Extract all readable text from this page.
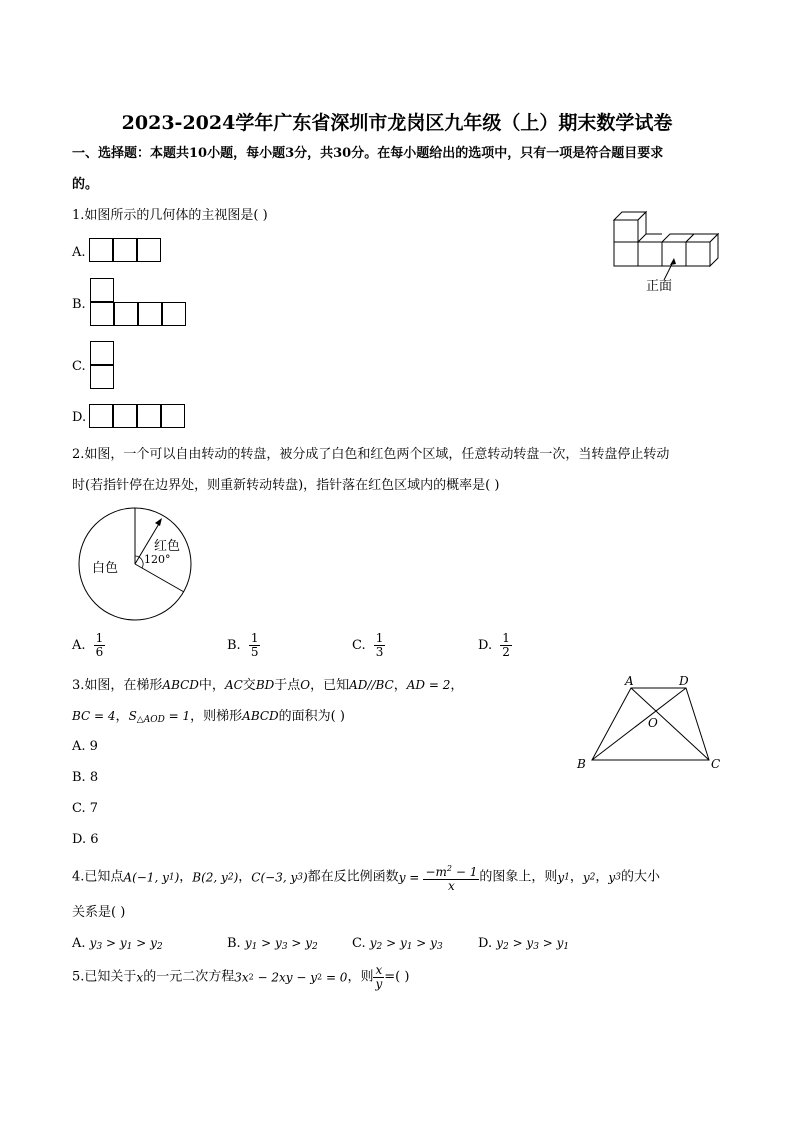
2023-2024学年广东省深圳市龙岗区九年级（上）期末数学试卷
一、选择题：本题共10小题，每小题3分，共30分。在每小题给出的选项中，只有一项是符合题目要求
的。
1.如图所示的几何体的主视图是( )
正面
A.
B.
C.
D.
2.如图，一个可以自由转动的转盘，被分成了白色和红色两个区域，任意转动转盘一次，当转盘停止转动
时(若指针停在边界处，则重新转动转盘)，指针落在红色区域内的概率是( )
白色
红色
120°
A. $\frac{1}{6}$	B. $\frac{1}{5}$	C. $\frac{1}{3}$	D. $\frac{1}{2}$
3.如图，在梯形ABCD中，AC交BD于点O，已知AD//BC，AD = 2，
BC = 4，$S_{\triangle AOD} = 1$，则梯形ABCD的面积为( )
A. 9
B. 8
C. 7
D. 6
A	D
O
B	C
4.已知点A(−1, y1)，B(2, y2)，C(−3, y3)都在反比例函数$y = \frac{-m^2 - 1}{x}$ 的图象上，则y1，y2，y3的大小
关系是( )
A. $y_3 > y_1 > y_2$	B. $y_1 > y_3 > y_2$	C. $y_2 > y_1 > y_3$	D. $y_2 > y_3 > y_1$
5.已知关于x的一元二次方程3x2 − 2xy − y2 = 0，则 $\frac{x}{y}$ =( )
